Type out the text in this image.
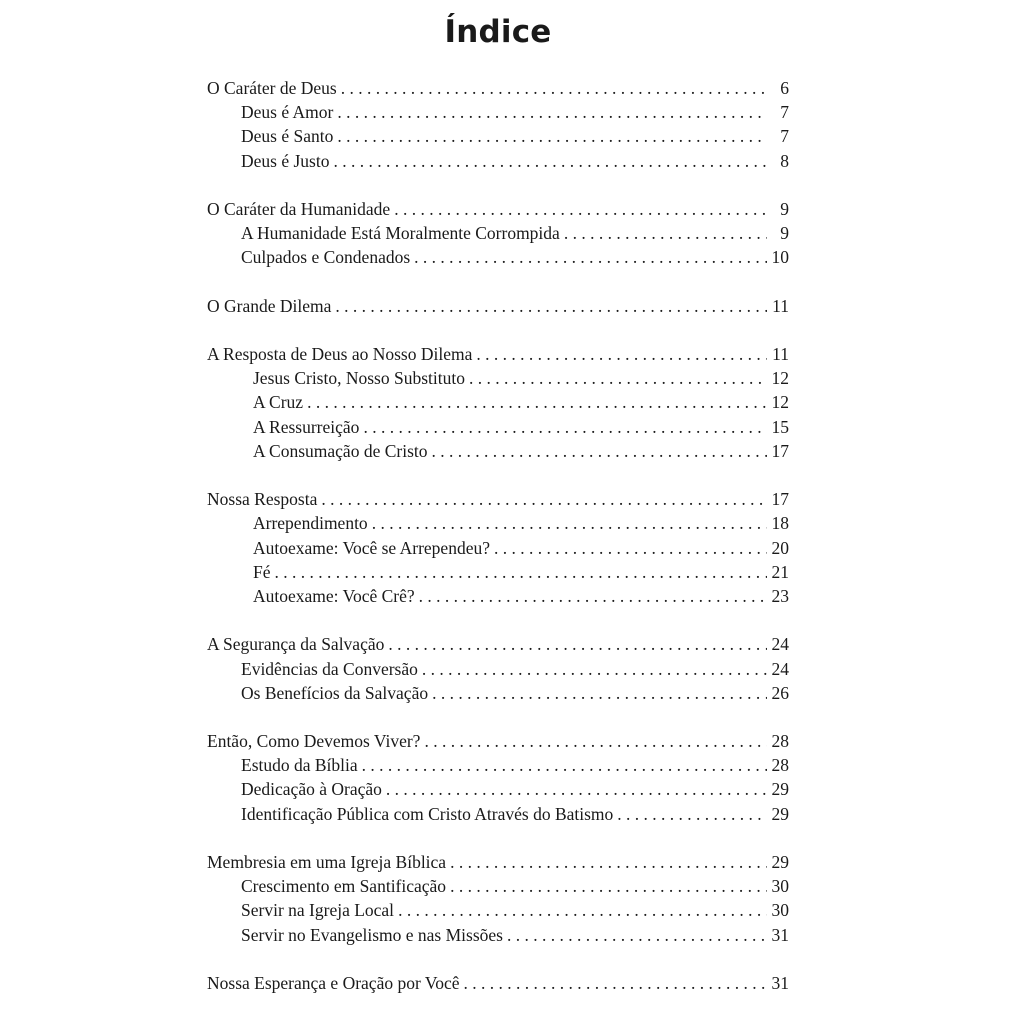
Índice
O Caráter de Deus . . .	6
Deus é Amor . . .	7
Deus é Santo . . .	7
Deus é Justo . . .	8
O Caráter da Humanidade . . .	9
A Humanidade Está Moralmente Corrompida . . .	9
Culpados e Condenados . . .	10
O Grande Dilema . . .	11
A Resposta de Deus ao Nosso Dilema . . .	11
Jesus Cristo, Nosso Substituto . . .	12
A Cruz . . .	12
A Ressurreição . . .	15
A Consumação de Cristo . . .	17
Nossa Resposta . . .	17
Arrependimento . . .	18
Autoexame: Você se Arrependeu? . . .	20
Fé . . .	21
Autoexame: Você Crê? . . .	23
A Segurança da Salvação . . .	24
Evidências da Conversão . . .	24
Os Benefícios da Salvação . . .	26
Então, Como Devemos Viver? . . .	28
Estudo da Bíblia . . .	28
Dedicação à Oração . . .	29
Identificação Pública com Cristo Através do Batismo . . .	29
Membresia em uma Igreja Bíblica . . .	29
Crescimento em Santificação . . .	30
Servir na Igreja Local . . .	30
Servir no Evangelismo e nas Missões . . .	31
Nossa Esperança e Oração por Você . . .	31
